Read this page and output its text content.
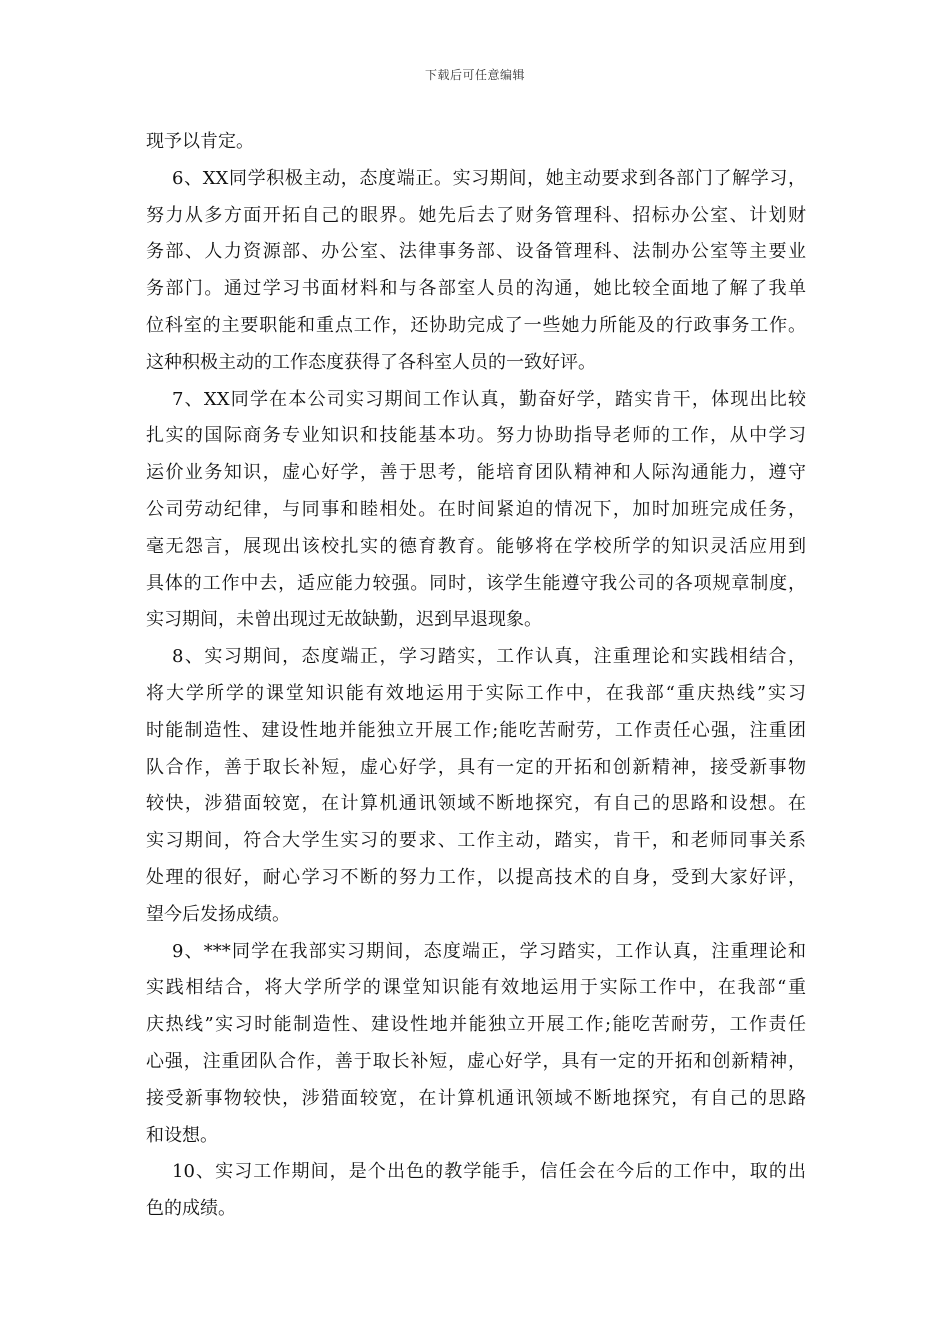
下载后可任意编辑
现予以肯定。
6、XX同学积极主动，态度端正。实习期间，她主动要求到各部门了解学习，
努力从多方面开拓自己的眼界。她先后去了财务管理科、招标办公室、计划财
务部、人力资源部、办公室、法律事务部、设备管理科、法制办公室等主要业
务部门。通过学习书面材料和与各部室人员的沟通，她比较全面地了解了我单
位科室的主要职能和重点工作，还协助完成了一些她力所能及的行政事务工作。
这种积极主动的工作态度获得了各科室人员的一致好评。
7、XX同学在本公司实习期间工作认真，勤奋好学，踏实肯干，体现出比较
扎实的国际商务专业知识和技能基本功。努力协助指导老师的工作，从中学习
运价业务知识，虚心好学，善于思考，能培育团队精神和人际沟通能力，遵守
公司劳动纪律，与同事和睦相处。在时间紧迫的情况下，加时加班完成任务，
毫无怨言，展现出该校扎实的德育教育。能够将在学校所学的知识灵活应用到
具体的工作中去，适应能力较强。同时，该学生能遵守我公司的各项规章制度，
实习期间，未曾出现过无故缺勤，迟到早退现象。
8、实习期间，态度端正，学习踏实，工作认真，注重理论和实践相结合，
将大学所学的课堂知识能有效地运用于实际工作中，在我部“重庆热线”实习
时能制造性、建设性地并能独立开展工作;能吃苦耐劳，工作责任心强，注重团
队合作，善于取长补短，虚心好学，具有一定的开拓和创新精神，接受新事物
较快，涉猎面较宽，在计算机通讯领域不断地探究，有自己的思路和设想。在
实习期间，符合大学生实习的要求、工作主动，踏实，肯干，和老师同事关系
处理的很好，耐心学习不断的努力工作，以提高技术的自身，受到大家好评，
望今后发扬成绩。
9、***同学在我部实习期间，态度端正，学习踏实，工作认真，注重理论和
实践相结合，将大学所学的课堂知识能有效地运用于实际工作中，在我部“重
庆热线”实习时能制造性、建设性地并能独立开展工作;能吃苦耐劳，工作责任
心强，注重团队合作，善于取长补短，虚心好学，具有一定的开拓和创新精神，
接受新事物较快，涉猎面较宽，在计算机通讯领域不断地探究，有自己的思路
和设想。
10、实习工作期间，是个出色的教学能手，信任会在今后的工作中，取的出
色的成绩。
